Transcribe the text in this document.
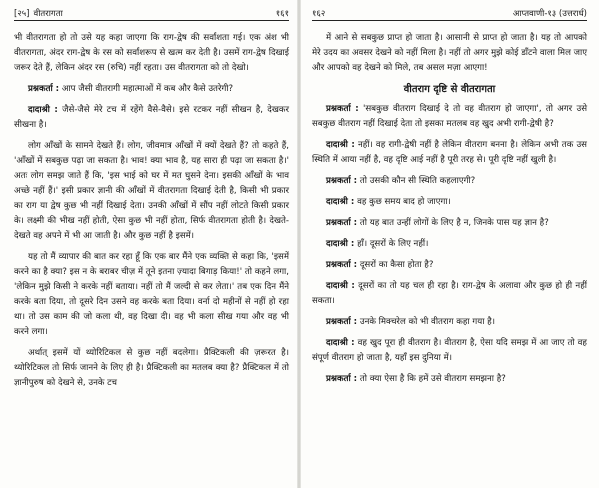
[२५] वीतरागता	१६१

भी वीतरागता हो तो उसे यह कहा जाएगा कि राग-द्वेष की सर्वांशता गई। एक अंश भी वीतरागता, अंदर राग-द्वेष के रस को सर्वांशरूप से खत्म कर देती है। उसमें राग-द्वेष दिखाई जरूर देते हैं, लेकिन अंदर रस (रुचि) नहीं रहता। उस वीतरागता को तो देखो।

प्रश्नकर्ता : आप जैसी वीतरागी महात्माओं में कब और कैसे उतरेगी?

दादाश्री : जैसे-जैसे मेरे टच में रहेंगे वैसे-वैसे। इसे रटकर नहीं सीखन है, देखकर सीखना है।

लोग आँखों के सामने देखते हैं। लोग, जीवमात्र आँखों में क्यों देखते हैं? तो कहते हैं, 'आँखों में सबकुछ पढ़ा जा सकता है। भाव! क्या भाव है, यह सारा ही पढ़ा जा सकता है।' अतः लोग समझ जाते हैं कि, 'इस भाई को घर में मत घुसने देना। इसकी आँखों के भाव अच्छे नहीं हैं।' इसी प्रकार ज्ञानी की आँखों में वीतरागता दिखाई देती है, किसी भी प्रकार का राग या द्वेष कुछ भी नहीं दिखाई देता। उनकी आँखों में सौंप नहीं लोटते किसी प्रकार के। लक्ष्मी की भीख नहीं होती, ऐसा कुछ भी नहीं होता, सिर्फ वीतरागता होती है। देखते-देखते वह अपने में भी आ जाती है। और कुछ नहीं है इसमें।

यह तो मैं व्यापार की बात कर रहा हूँ कि एक बार मैंने एक व्यक्ति से कहा कि, 'इसमें करने का है क्या? इस न के बराबर चीज़ में तूने इतना ज़्यादा बिगाड़ किया!' तो कहने लगा, 'लेकिन मुझे किसी ने करके नहीं बताया। नहीं तो मैं जल्दी से कर लेता।' तब एक दिन मैंने करके बता दिया, तो दूसरे दिन उसने वह करके बता दिया। वर्ना दो महीनों से नहीं हो रहा था। तो उस काम की जो कला थी, वह दिखा दी। वह भी कला सीख गया और वह भी करने लगा।

अर्थात् इसमें यों थ्योरिटिकल से कुछ नहीं बदलेगा। प्रैक्टिकली की ज़रूरत है। थ्योरिटिकल तो सिर्फ जानने के लिए ही है। प्रैक्टिकली का मतलब क्या है? प्रैक्टिकल में तो ज्ञानीपुरुष को देखने से, उनके टच

१६२	आप्तवाणी-१३ (उत्तरार्ध)

में आने से सबकुछ प्राप्त हो जाता है। आसानी से प्राप्त हो जाता है। यह तो आपको मेरे उदय का अवसर देखने को नहीं मिला है। नहीं तो अगर मुझे कोई डाँटने वाला मिल जाए और आपको वह देखने को मिले, तब असल मज़ा आएगा!

वीतराग दृष्टि से वीतरागता

प्रश्नकर्ता : 'सबकुछ वीतराग दिखाई दे तो वह वीतराग हो जाएगा', तो अगर उसे सबकुछ वीतराग नहीं दिखाई देता तो इसका मतलब वह खुद अभी रागी-द्वेषी है?

दादाश्री : नहीं। वह रागी-द्वेषी नहीं है लेकिन वीतराग बनना है। लेकिन अभी तक उस स्थिति में आया नहीं है, वह दृष्टि आई नहीं है पूरी तरह से। पूरी दृष्टि नहीं खुली है।

प्रश्नकर्ता : तो उसकी कौन सी स्थिति कहलाएगी?

दादाश्री : वह कुछ समय बाद हो जाएगा।

प्रश्नकर्ता : तो यह बात उन्हीं लोगों के लिए है न, जिनके पास यह ज्ञान है?

दादाश्री : हाँ। दूसरों के लिए नहीं।

प्रश्नकर्ता : दूसरों का कैसा होता है?

दादाश्री : दूसरों का तो यह चल ही रहा है। राग-द्वेष के अलावा और कुछ हो ही नहीं सकता।

प्रश्नकर्ता : उनके मिक्चरेल को भी वीतराग कहा गया है।

दादाश्री : वह खुद पूरा ही वीतराग है। वीतराग है, ऐसा यदि समझ में आ जाए तो वह संपूर्ण वीतराग हो जाता है, यहाँ इस दुनिया में।

प्रश्नकर्ता : तो क्या ऐसा है कि हमें उसे वीतराग समझना है?
